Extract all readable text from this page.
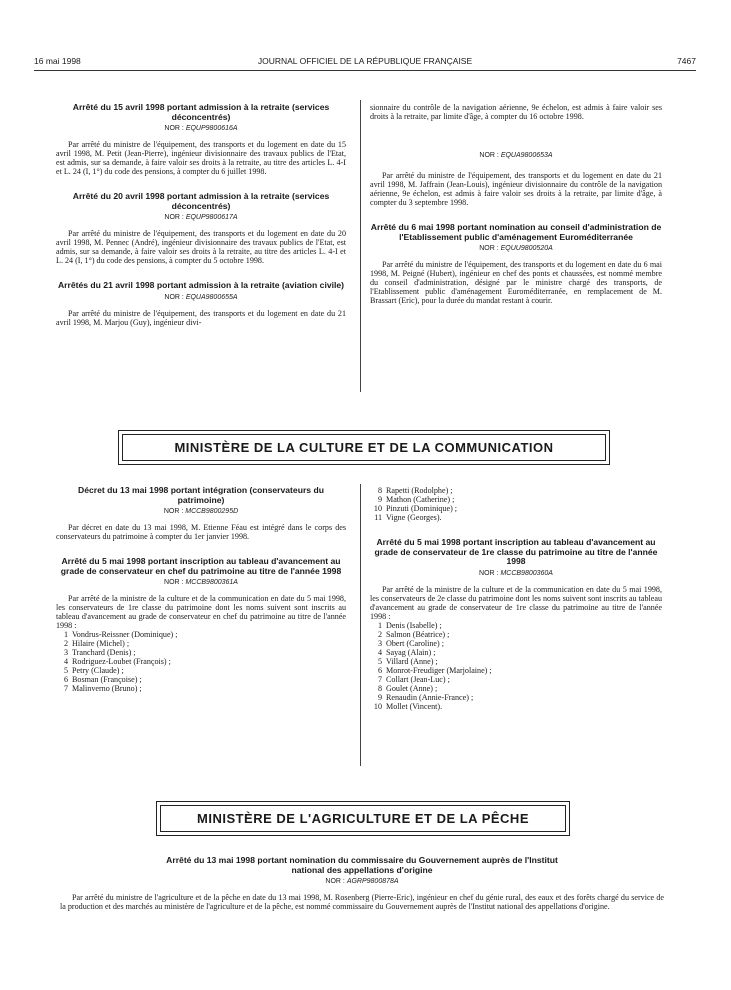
16 mai 1998	JOURNAL OFFICIEL DE LA RÉPUBLIQUE FRANÇAISE	7467
Arrêté du 15 avril 1998 portant admission à la retraite (services déconcentrés)
NOR : EQUP9800616A

Par arrêté du ministre de l'équipement, des transports et du logement en date du 15 avril 1998, M. Petit (Jean-Pierre), ingénieur divisionnaire des travaux publics de l'Etat, est admis, sur sa demande, à faire valoir ses droits à la retraite, au titre des articles L. 4-I et L. 24 (I, 1°) du code des pensions, à compter du 6 juillet 1998.

Arrêté du 20 avril 1998 portant admission à la retraite (services déconcentrés)
NOR : EQUP9800617A

Par arrêté du ministre de l'équipement, des transports et du logement en date du 20 avril 1998, M. Pennec (André), ingénieur divisionnaire des travaux publics de l'Etat, est admis, sur sa demande, à faire valoir ses droits à la retraite, au titre des articles L. 4-I et L. 24 (I, 1°) du code des pensions, à compter du 5 octobre 1998.

Arrêtés du 21 avril 1998 portant admission à la retraite (aviation civile)
NOR : EQUA9800655A

Par arrêté du ministre de l'équipement, des transports et du logement en date du 21 avril 1998, M. Marjou (Guy), ingénieur divi-

sionnaire du contrôle de la navigation aérienne, 9e échelon, est admis à faire valoir ses droits à la retraite, par limite d'âge, à compter du 16 octobre 1998.

NOR : EQUA9800653A

Par arrêté du ministre de l'équipement, des transports et du logement en date du 21 avril 1998, M. Jaffrain (Jean-Louis), ingénieur divisionnaire du contrôle de la navigation aérienne, 9e échelon, est admis à faire valoir ses droits à la retraite, par limite d'âge, à compter du 3 septembre 1998.

Arrêté du 6 mai 1998 portant nomination au conseil d'administration de l'Etablissement public d'aménagement Euroméditerranée
NOR : EQUU9800520A

Par arrêté du ministre de l'équipement, des transports et du logement en date du 6 mai 1998, M. Peigné (Hubert), ingénieur en chef des ponts et chaussées, est nommé membre du conseil d'administration, désigné par le ministre chargé des transports, de l'Etablissement public d'aménagement Euroméditerranée, en remplacement de M. Brassart (Eric), pour la durée du mandat restant à courir.

MINISTÈRE DE LA CULTURE ET DE LA COMMUNICATION
Décret du 13 mai 1998 portant intégration (conservateurs du patrimoine)
NOR : MCCB9800295D

Par décret en date du 13 mai 1998, M. Etienne Féau est intégré dans le corps des conservateurs du patrimoine à compter du 1er janvier 1998.

Arrêté du 5 mai 1998 portant inscription au tableau d'avancement au grade de conservateur en chef du patrimoine au titre de l'année 1998
NOR : MCCB9800361A

Par arrêté de la ministre de la culture et de la communication en date du 5 mai 1998, les conservateurs de 1re classe du patrimoine dont les noms suivent sont inscrits au tableau d'avancement au grade de conservateur en chef du patrimoine au titre de l'année 1998 :

1 Vondrus-Reissner (Dominique) ;
2 Hilaire (Michel) ;
3 Tranchard (Denis) ;
4 Rodriguez-Loubet (François) ;
5 Petry (Claude) ;
6 Bosman (Françoise) ;
7 Malinverno (Bruno) ;
8 Rapetti (Rodolphe) ;
9 Mathon (Catherine) ;
10 Pinzuti (Dominique) ;
11 Vigne (Georges).
Arrêté du 5 mai 1998 portant inscription au tableau d'avancement au grade de conservateur de 1re classe du patrimoine au titre de l'année 1998
NOR : MCCB9800360A

Par arrêté de la ministre de la culture et de la communication en date du 5 mai 1998, les conservateurs de 2e classe du patrimoine dont les noms suivent sont inscrits au tableau d'avancement au grade de conservateur de 1re classe du patrimoine au titre de l'année 1998 :

1 Denis (Isabelle) ;
2 Salmon (Béatrice) ;
3 Obert (Caroline) ;
4 Sayag (Alain) ;
5 Villard (Anne) ;
6 Monrot-Freudiger (Marjolaine) ;
7 Collart (Jean-Luc) ;
8 Goulet (Anne) ;
9 Renaudin (Annie-France) ;
10 Mollet (Vincent).
MINISTÈRE DE L'AGRICULTURE ET DE LA PÊCHE
Arrêté du 13 mai 1998 portant nomination du commissaire du Gouvernement auprès de l'Institut national des appellations d'origine
NOR : AGRP9800878A

Par arrêté du ministre de l'agriculture et de la pêche en date du 13 mai 1998, M. Rosenberg (Pierre-Eric), ingénieur en chef du génie rural, des eaux et des forêts chargé du service de la production et des marchés au ministère de l'agriculture et de la pêche, est nommé commissaire du Gouvernement auprès de l'Institut national des appellations d'origine.
